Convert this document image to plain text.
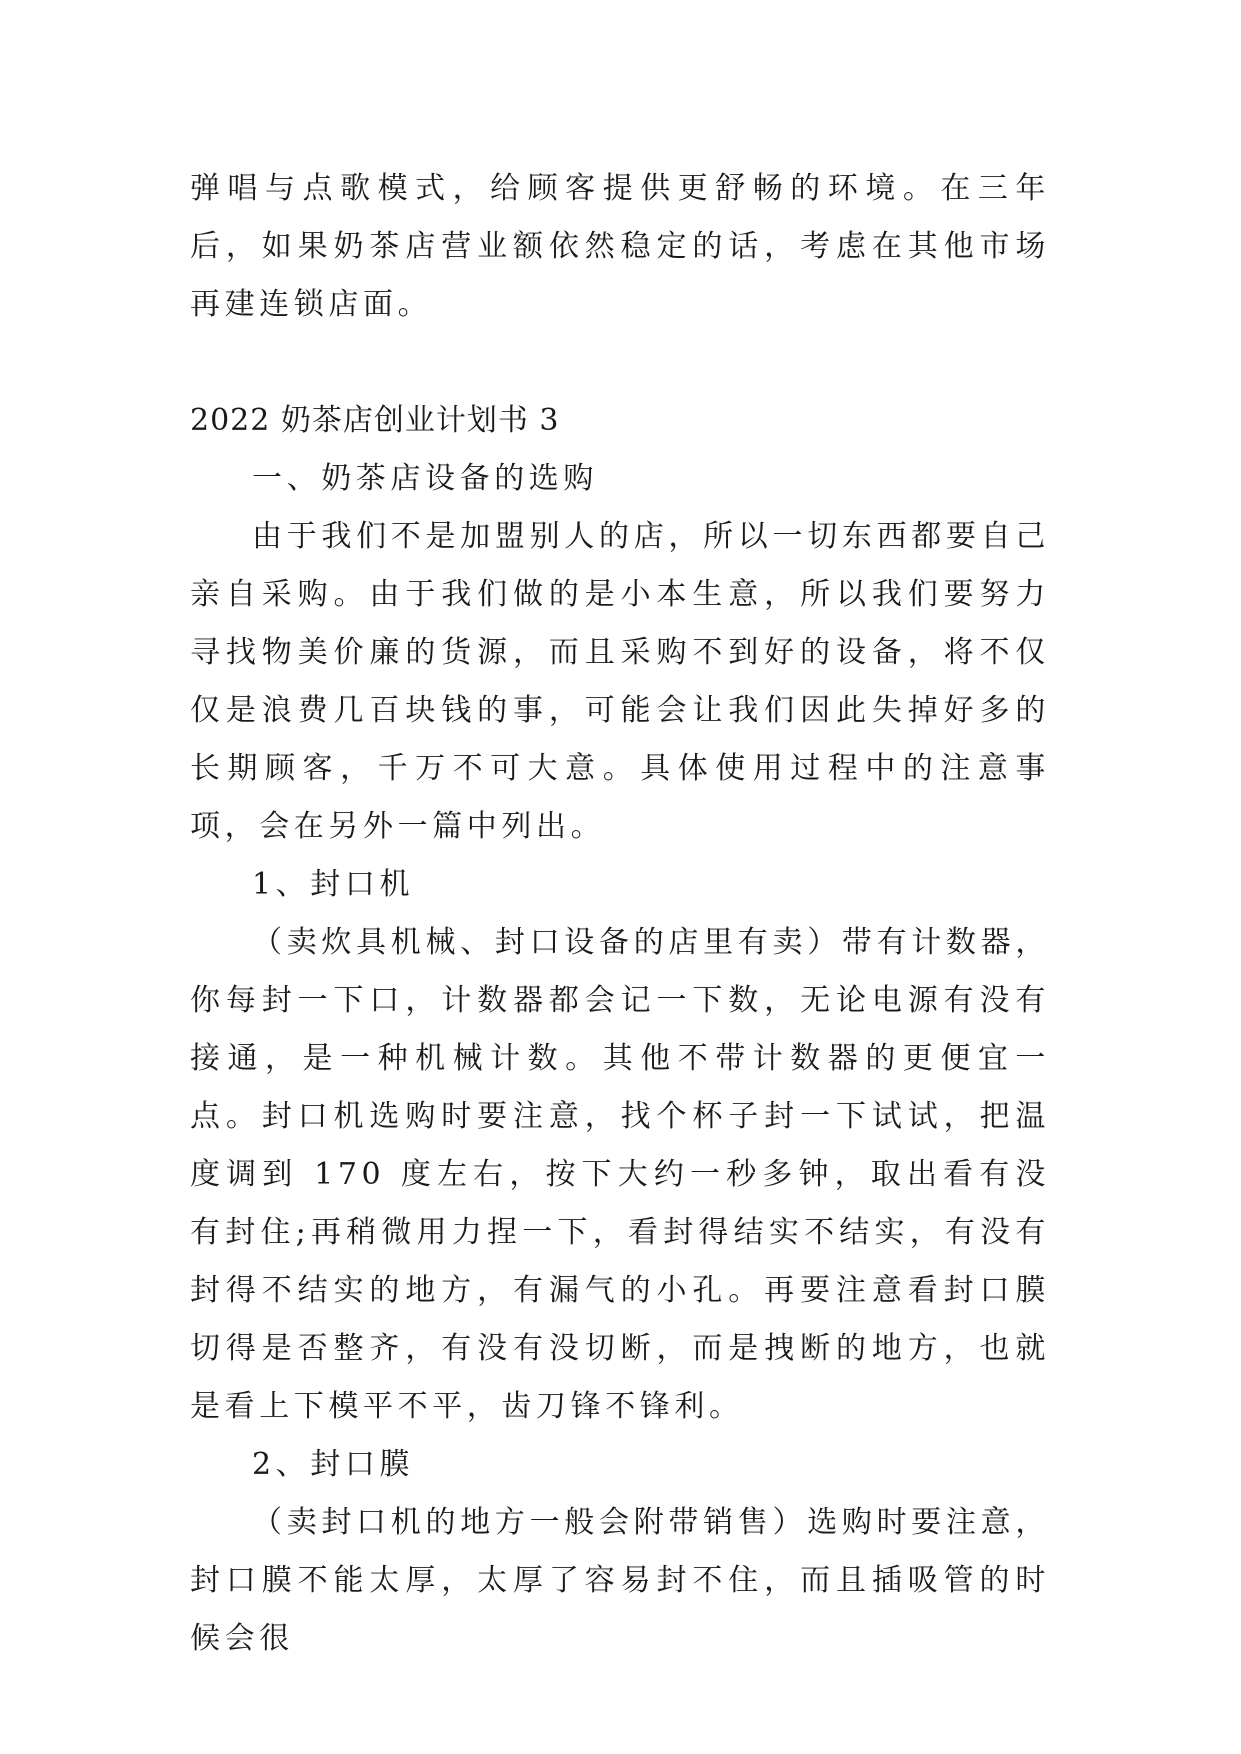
弹唱与点歌模式，给顾客提供更舒畅的环境。在三年后，如果奶茶店营业额依然稳定的话，考虑在其他市场再建连锁店面。

2022 奶茶店创业计划书 3

一、奶茶店设备的选购

由于我们不是加盟别人的店，所以一切东西都要自己亲自采购。由于我们做的是小本生意，所以我们要努力寻找物美价廉的货源，而且采购不到好的设备，将不仅仅是浪费几百块钱的事，可能会让我们因此失掉好多的长期顾客，千万不可大意。具体使用过程中的注意事项，会在另外一篇中列出。

1、封口机

（卖炊具机械、封口设备的店里有卖）带有计数器，你每封一下口，计数器都会记一下数，无论电源有没有接通，是一种机械计数。其他不带计数器的更便宜一点。封口机选购时要注意，找个杯子封一下试试，把温度调到 170 度左右，按下大约一秒多钟，取出看有没有封住;再稍微用力捏一下，看封得结实不结实，有没有封得不结实的地方，有漏气的小孔。再要注意看封口膜切得是否整齐，有没有没切断，而是拽断的地方，也就是看上下模平不平，齿刀锋不锋利。

2、封口膜

（卖封口机的地方一般会附带销售）选购时要注意，封口膜不能太厚，太厚了容易封不住，而且插吸管的时候会很
